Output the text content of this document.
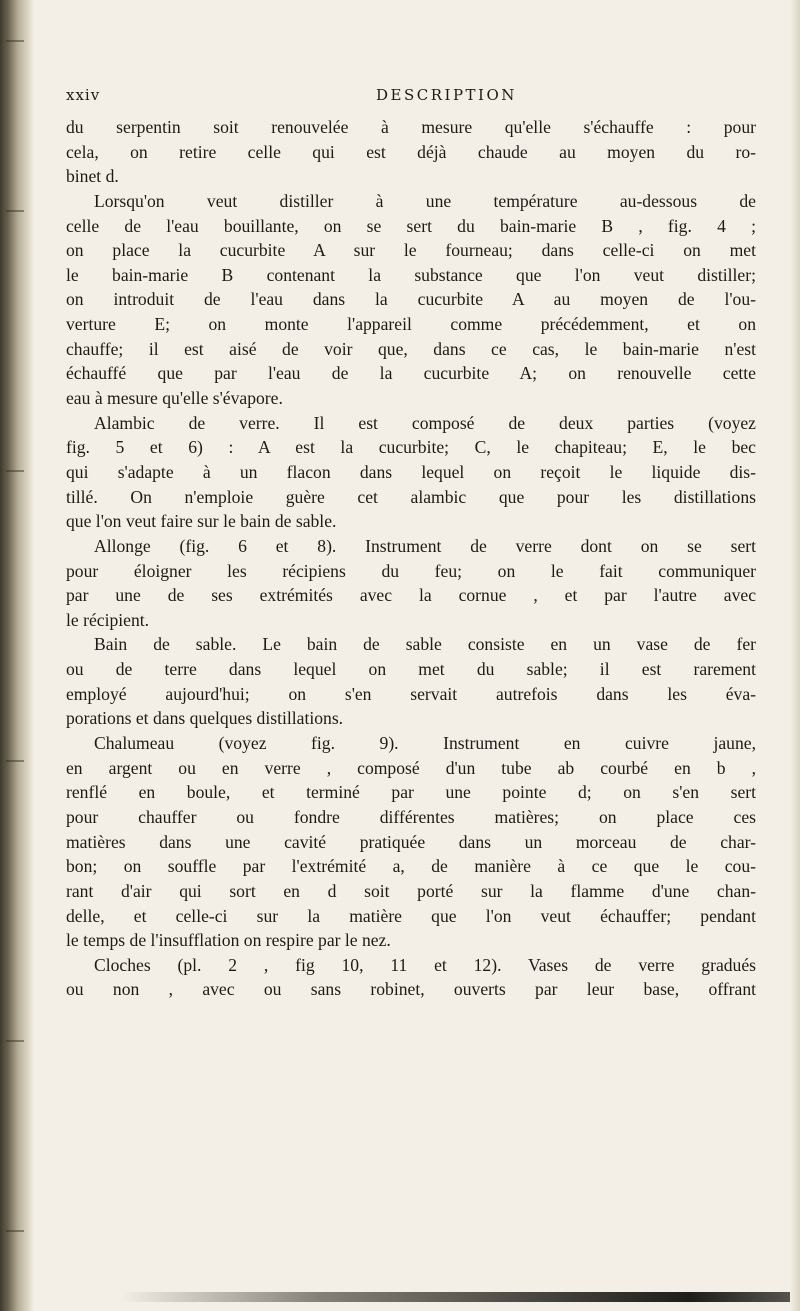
xxiv	DESCRIPTION
du serpentin soit renouvelée à mesure qu'elle s'échauffe : pour
cela, on retire celle qui est déjà chaude au moyen du ro-
binet d.
Lorsqu'on veut distiller à une température au-dessous de
celle de l'eau bouillante, on se sert du bain-marie B , fig. 4 ;
on place la cucurbite A sur le fourneau; dans celle-ci on met
le bain-marie B contenant la substance que l'on veut distiller;
on introduit de l'eau dans la cucurbite A au moyen de l'ou-
verture E; on monte l'appareil comme précédemment, et on
chauffe; il est aisé de voir que, dans ce cas, le bain-marie n'est
échauffé que par l'eau de la cucurbite A; on renouvelle cette
eau à mesure qu'elle s'évapore.
Alambic de verre. Il est composé de deux parties (voyez
fig. 5 et 6) : A est la cucurbite; C, le chapiteau; E, le bec
qui s'adapte à un flacon dans lequel on reçoit le liquide dis-
tillé. On n'emploie guère cet alambic que pour les distillations
que l'on veut faire sur le bain de sable.
Allonge (fig. 6 et 8). Instrument de verre dont on se sert
pour éloigner les récipiens du feu; on le fait communiquer
par une de ses extrémités avec la cornue , et par l'autre avec
le récipient.
Bain de sable. Le bain de sable consiste en un vase de fer
ou de terre dans lequel on met du sable; il est rarement
employé aujourd'hui; on s'en servait autrefois dans les éva-
porations et dans quelques distillations.
Chalumeau (voyez fig. 9). Instrument en cuivre jaune,
en argent ou en verre , composé d'un tube ab courbé en b ,
renflé en boule, et terminé par une pointe d; on s'en sert
pour chauffer ou fondre différentes matières; on place ces
matières dans une cavité pratiquée dans un morceau de char-
bon; on souffle par l'extrémité a, de manière à ce que le cou-
rant d'air qui sort en d soit porté sur la flamme d'une chan-
delle, et celle-ci sur la matière que l'on veut échauffer; pendant
le temps de l'insufflation on respire par le nez.
Cloches (pl. 2 , fig 10, 11 et 12). Vases de verre gradués
ou non , avec ou sans robinet, ouverts par leur base, offrant
